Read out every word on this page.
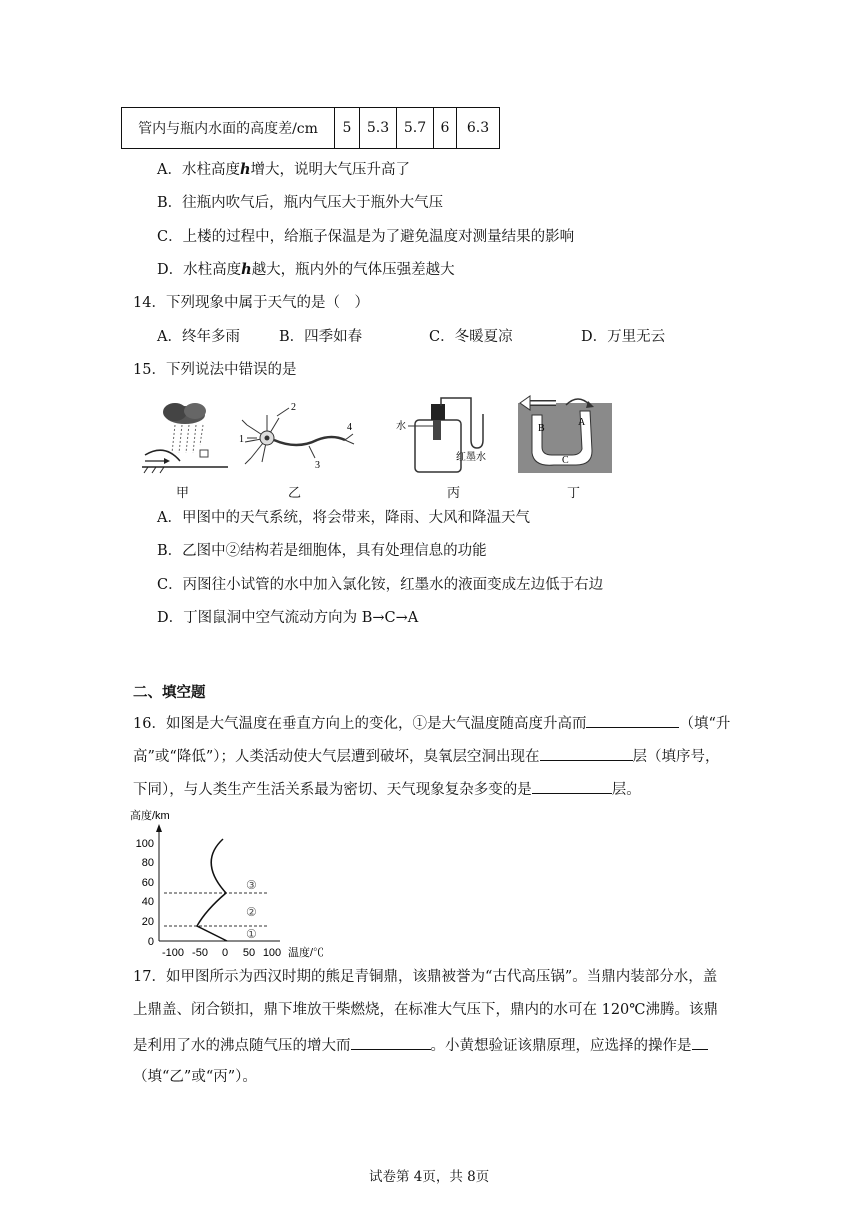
管内与瓶内水面的高度差/cm	5	5.3	5.7	6	6.3
A．水柱高度h增大，说明大气压升高了
B．往瓶内吹气后，瓶内气压大于瓶外大气压
C．上楼的过程中，给瓶子保温是为了避免温度对测量结果的影响
D．水柱高度h越大，瓶内外的气体压强差越大
14．下列现象中属于天气的是（　）
A．终年多雨	B．四季如春	C．冬暖夏凉	D．万里无云
15．下列说法中错误的是
甲
1
2
3
4
乙
水
红墨水
丙
B
A
C
丁
A．甲图中的天气系统，将会带来，降雨、大风和降温天气
B．乙图中②结构若是细胞体，具有处理信息的功能
C．丙图往小试管的水中加入氯化铵，红墨水的液面变成左边低于右边
D．丁图鼠洞中空气流动方向为 B→C→A
二、填空题
16．如图是大气温度在垂直方向上的变化，①是大气温度随高度升高而	（填“升
高”或“降低”）；人类活动使大气层遭到破坏，臭氧层空洞出现在	层（填序号，
下同），与人类生产生活关系最为密切、天气现象复杂多变的是	层。
高度/km
100
80
60
40
20
0
-100 -50 0 50 100 温度/℃
③
②
①
17．如甲图所示为西汉时期的熊足青铜鼎，该鼎被誉为“古代高压锅”。当鼎内装部分水，盖
上鼎盖、闭合锁扣，鼎下堆放干柴燃烧，在标准大气压下，鼎内的水可在 120℃沸腾。该鼎
是利用了水的沸点随气压的增大而	。小黄想验证该鼎原理，应选择的操作是
（填“乙”或“丙”）。
试卷第 4页，共 8页
